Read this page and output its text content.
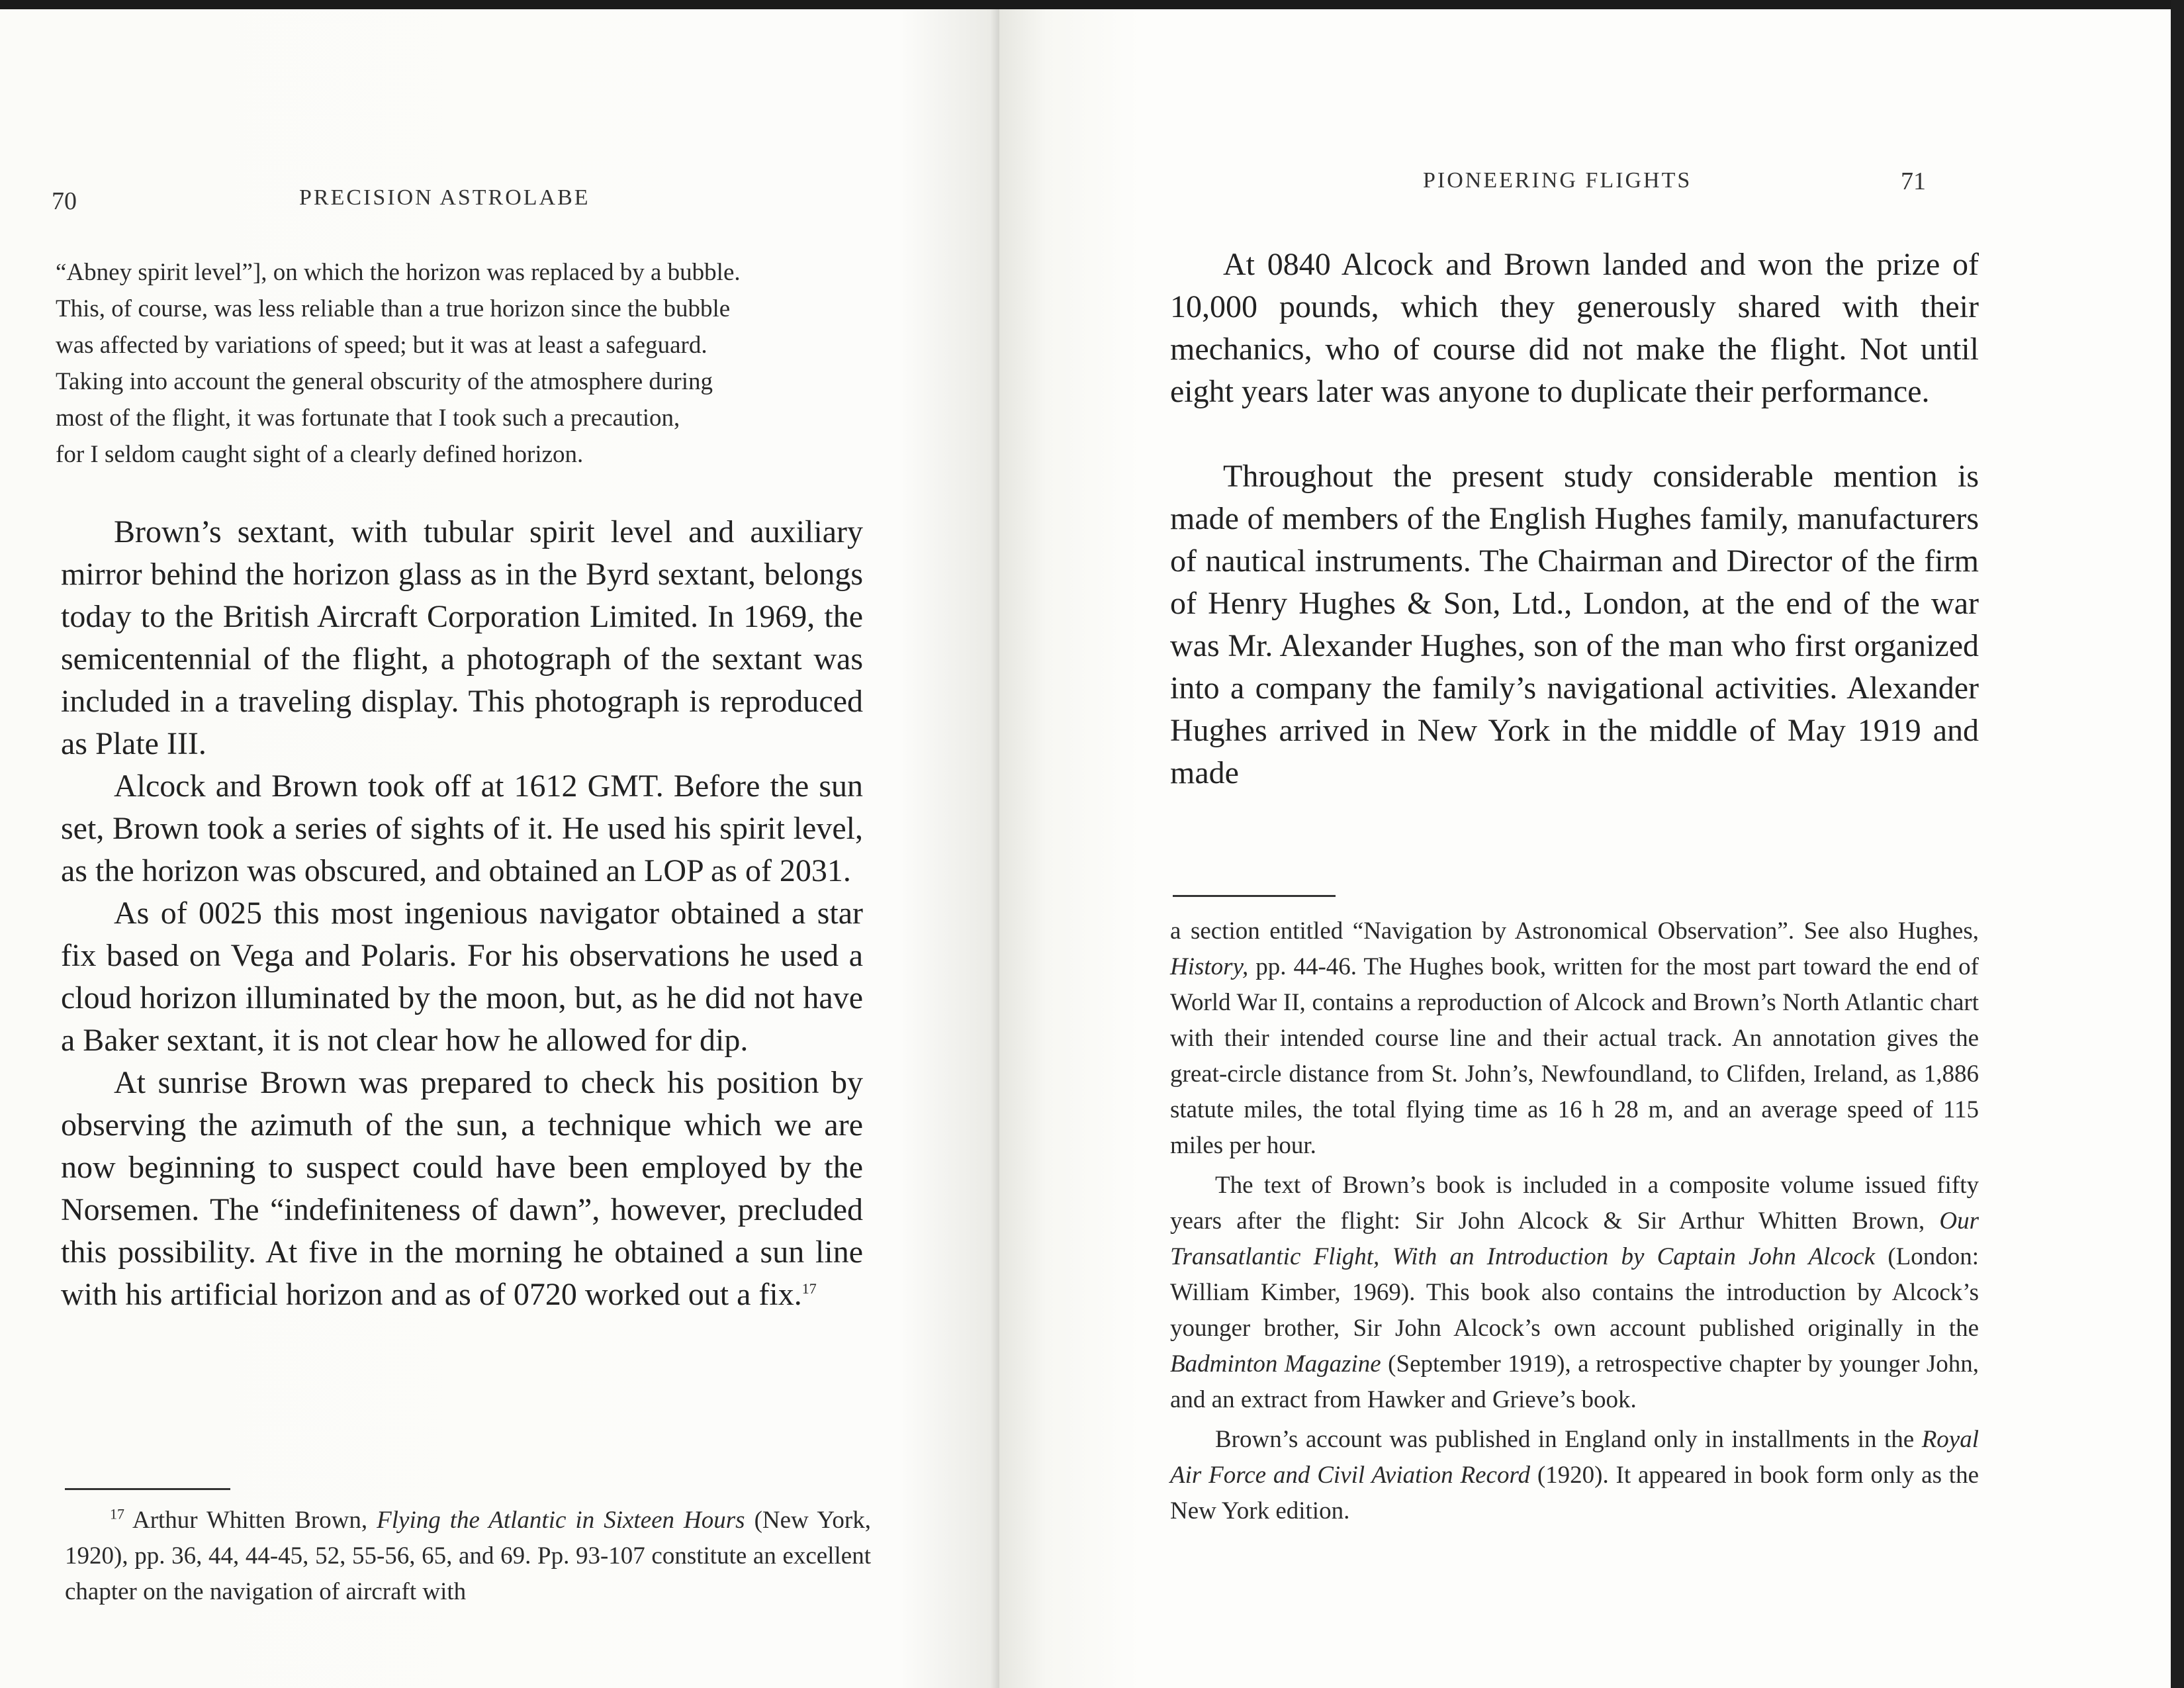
70	PRECISION ASTROLABE

“Abney spirit level”], on which the horizon was replaced by a bubble.

This, of course, was less reliable than a true horizon since the bubble

was affected by variations of speed; but it was at least a safeguard.

Taking into account the general obscurity of the atmosphere during

most of the flight, it was fortunate that I took such a precaution,

for I seldom caught sight of a clearly defined horizon.

Brown’s sextant, with tubular spirit level and auxiliary mirror behind the horizon glass as in the Byrd sextant, belongs today to the British Aircraft Corporation Limited. In 1969, the semicentennial of the flight, a photograph of the sextant was included in a traveling display. This photograph is reproduced as Plate III.

Alcock and Brown took off at 1612 GMT. Before the sun set, Brown took a series of sights of it. He used his spirit level, as the horizon was obscured, and obtained an LOP as of 2031.

As of 0025 this most ingenious navigator obtained a star fix based on Vega and Polaris. For his observations he used a cloud horizon illuminated by the moon, but, as he did not have a Baker sextant, it is not clear how he allowed for dip.

At sunrise Brown was prepared to check his position by observing the azimuth of the sun, a technique which we are now beginning to suspect could have been employed by the Norsemen. The “indefiniteness of dawn”, however, precluded this possibility. At five in the morning he obtained a sun line with his artificial horizon and as of 0720 worked out a fix.$^{17}$

$^{17}$ Arthur Whitten Brown, Flying the Atlantic in Sixteen Hours (New York, 1920), pp. 36, 44, 44-45, 52, 55-56, 65, and 69. Pp. 93-107 constitute an excellent chapter on the navigation of aircraft with

PIONEERING FLIGHTS	71

At 0840 Alcock and Brown landed and won the prize of 10,000 pounds, which they generously shared with their mechanics, who of course did not make the flight. Not until eight years later was anyone to duplicate their performance.

Throughout the present study considerable mention is made of members of the English Hughes family, manufacturers of nautical instruments. The Chairman and Director of the firm of Henry Hughes & Son, Ltd., London, at the end of the war was Mr. Alexander Hughes, son of the man who first organized into a company the family’s navigational activities. Alexander Hughes arrived in New York in the middle of May 1919 and made

a section entitled “Navigation by Astronomical Observation”. See also Hughes, History, pp. 44-46. The Hughes book, written for the most part toward the end of World War II, contains a reproduction of Alcock and Brown’s North Atlantic chart with their intended course line and their actual track. An annotation gives the great-circle distance from St. John’s, Newfoundland, to Clifden, Ireland, as 1,886 statute miles, the total flying time as 16 h 28 m, and an average speed of 115 miles per hour.

The text of Brown’s book is included in a composite volume issued fifty years after the flight: Sir John Alcock & Sir Arthur Whitten Brown, Our Transatlantic Flight, With an Introduction by Captain John Alcock (London: William Kimber, 1969). This book also contains the introduction by Alcock’s younger brother, Sir John Alcock’s own account published originally in the Badminton Magazine (September 1919), a retrospective chapter by younger John, and an extract from Hawker and Grieve’s book.

Brown’s account was published in England only in installments in the Royal Air Force and Civil Aviation Record (1920). It appeared in book form only as the New York edition.
